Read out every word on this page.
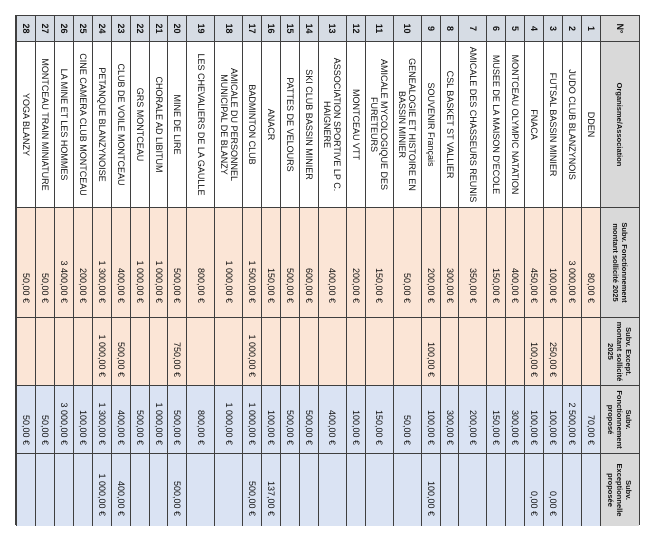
N°
Organisme/Association
Subv. Fonctionnement montant sollicité 2025
Subv. Except. montant sollicité 2025
Subv. Fonctionnement proposé
Subv. Exceptionnelle proposée
1
DDEN
80,00 €
70,00 €
2
JUDO CLUB BLANZYNOIS
3 000,00 €
2 500,00 €
3
FUTSAL BASSIN MINIER
100,00 €
250,00 €
100,00 €
0,00 €
4
FNACA
450,00 €
100,00 €
100,00 €
0,00 €
5
MONTCEAU OLYMPIC NATATION
400,00 €
300,00 €
6
MUSEE DE LA MAISON D'ECOLE
150,00 €
150,00 €
7
AMICALE DES CHASSEURS REUNIS
350,00 €
200,00 €
8
CSL BASKET ST VALLIER
300,00 €
300,00 €
9
SOUVENIR Français
200,00 €
100,00 €
100,00 €
100,00 €
10
GENEALOGIE ET HISTOIRE EN BASSIN MINIER
50,00 €
50,00 €
11
AMICALE MYCOLOGIQUE DES FURETEURS
150,00 €
150,00 €
12
MONTCEAU VTT
200,00 €
100,00 €
13
ASSOCIATION SPORTIVE LP C. HAIGNERE
400,00 €
400,00 €
14
SKI CLUB BASSIN MINIER
600,00 €
500,00 €
15
PATTES DE VELOURS
500,00 €
500,00 €
16
ANACR
150,00 €
100,00 €
137,00 €
17
BADMINTON CLUB
1 500,00 €
1 000,00 €
1 000,00 €
500,00 €
18
AMICALE DU PERSONNEL MUNICIPAL DE BLANZY
1 000,00 €
1 000,00 €
19
LES CHEVALIERS DE LA GAULLE
800,00 €
800,00 €
20
MINE DE LIRE
500,00 €
750,00 €
500,00 €
500,00 €
21
CHORALE AD LIBITUM
1 000,00 €
1 000,00 €
22
GRS MONTCEAU
1 000,00 €
500,00 €
23
CLUB DE VOILE MONTCEAU
400,00 €
500,00 €
400,00 €
400,00 €
24
PETANQUE BLANZYNOISE
1 300,00 €
1 000,00 €
1 300,00 €
1 000,00 €
25
CINE CAMERA CLUB MONTCEAU
200,00 €
100,00 €
26
LA MINE ET LES HOMMES
3 400,00 €
3 000,00 €
27
MONTCEAU TRAIN MINIATURE
50,00 €
50,00 €
28
YOGA BLANZY
50,00 €
50,00 €
